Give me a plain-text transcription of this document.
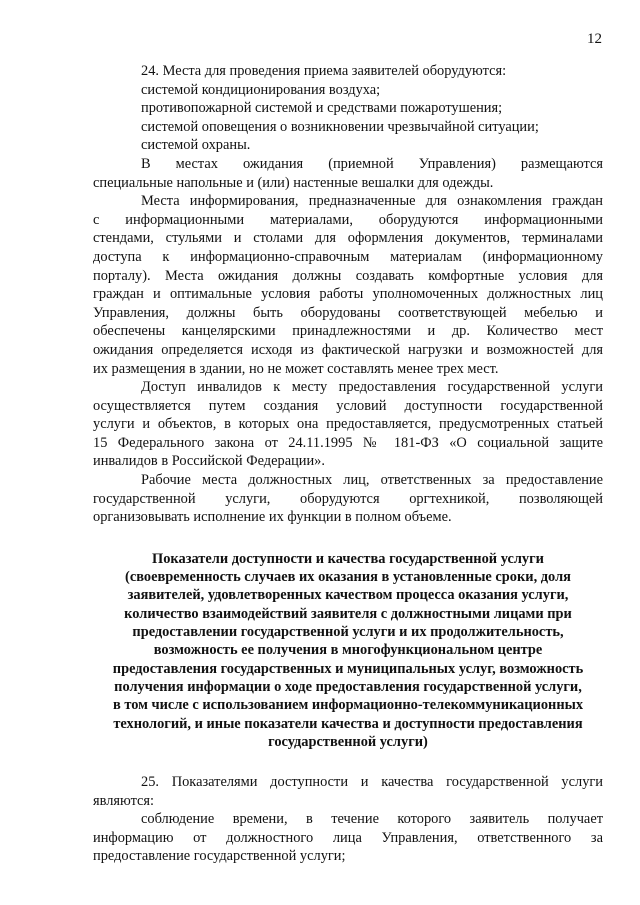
12

24. Места для проведения приема заявителей оборудуются:

системой кондиционирования воздуха;

противопожарной системой и средствами пожаротушения;

системой оповещения о возникновении чрезвычайной ситуации;

системой охраны.

В местах ожидания (приемной Управления) размещаются
специальные напольные и (или) настенные вешалки для одежды.
Места информирования, предназначенные для ознакомления граждан
с информационными материалами, оборудуются информационными
стендами, стульями и столами для оформления документов, терминалами
доступа к информационно-справочным материалам (информационному
порталу). Места ожидания должны создавать комфортные условия для
граждан и оптимальные условия работы уполномоченных должностных лиц
Управления, должны быть оборудованы соответствующей мебелью и
обеспечены канцелярскими принадлежностями и др. Количество мест
ожидания определяется исходя из фактической нагрузки и возможностей для
их размещения в здании, но не может составлять менее трех мест.
Доступ инвалидов к месту предоставления государственной услуги
осуществляется путем создания условий доступности государственной
услуги и объектов, в которых она предоставляется, предусмотренных статьей
15 Федерального закона от 24.11.1995 № 181-ФЗ «О социальной защите
инвалидов в Российской Федерации».
Рабочие места должностных лиц, ответственных за предоставление
государственной услуги, оборудуются оргтехникой, позволяющей
организовывать исполнение их функции в полном объеме.
Показатели доступности и качества государственной услуги
(своевременность случаев их оказания в установленные сроки, доля
заявителей, удовлетворенных качеством процесса оказания услуги,
количество взаимодействий заявителя с должностными лицами при
предоставлении государственной услуги и их продолжительность,
возможность ее получения в многофункциональном центре
предоставления государственных и муниципальных услуг, возможность
получения информации о ходе предоставления государственной услуги,
в том числе с использованием информационно-телекоммуникационных
технологий, и иные показатели качества и доступности предоставления
государственной услуги)
25. Показателями доступности и качества государственной услуги
являются:
соблюдение времени, в течение которого заявитель получает
информацию от должностного лица Управления, ответственного за
предоставление государственной услуги;
